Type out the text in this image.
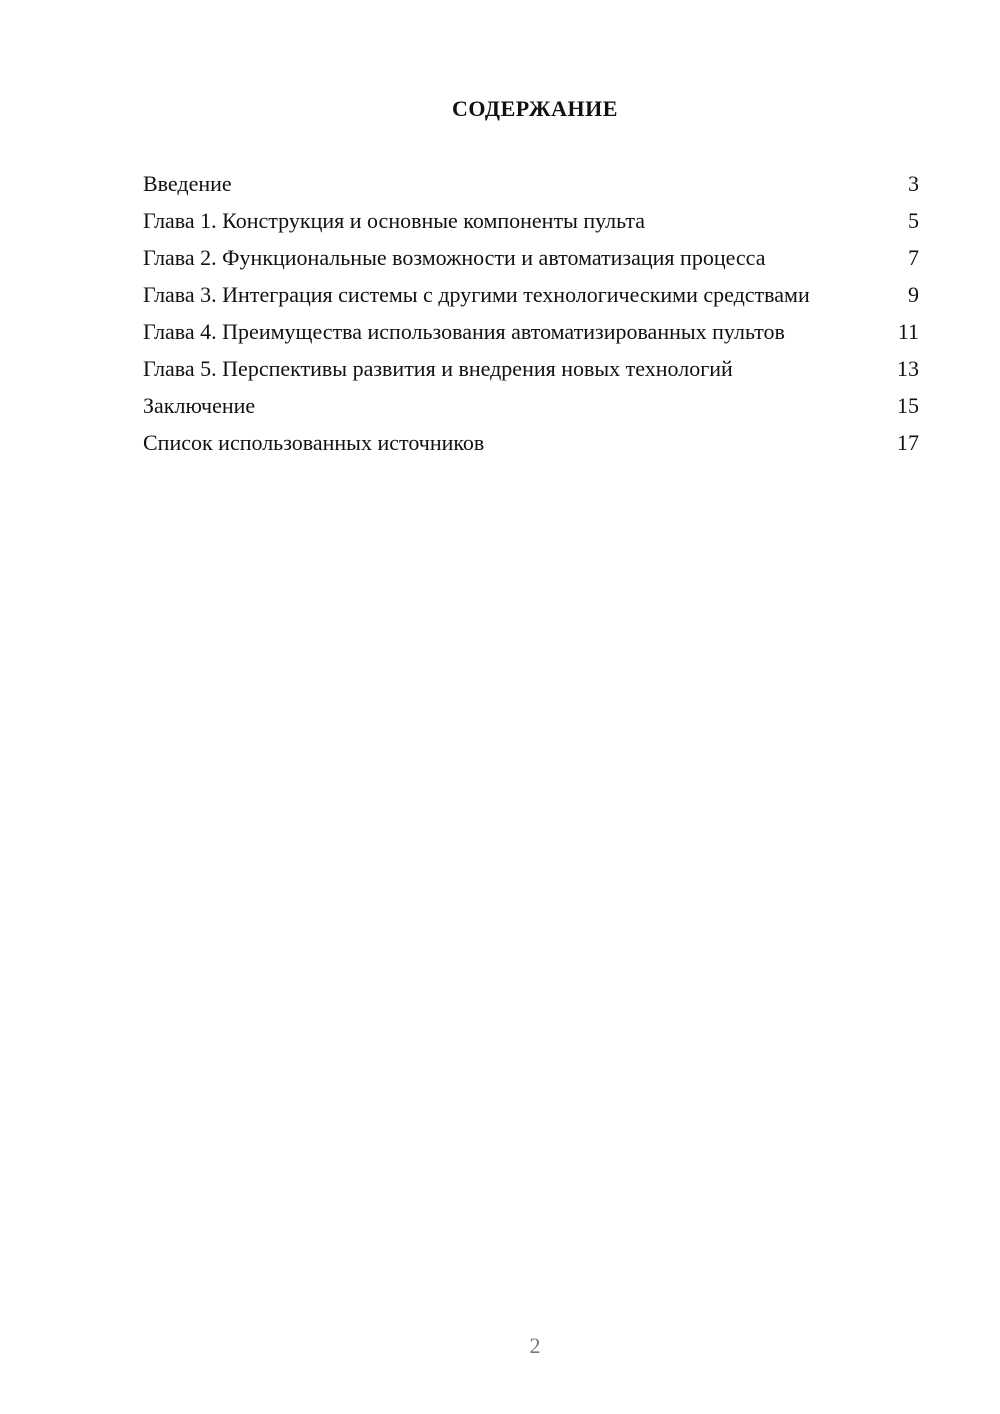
СОДЕРЖАНИЕ
Введение	3
Глава 1. Конструкция и основные компоненты пульта	5
Глава 2. Функциональные возможности и автоматизация процесса	7
Глава 3. Интеграция системы с другими технологическими средствами	9
Глава 4. Преимущества использования автоматизированных пультов	11
Глава 5. Перспективы развития и внедрения новых технологий	13
Заключение	15
Список использованных источников	17
2
